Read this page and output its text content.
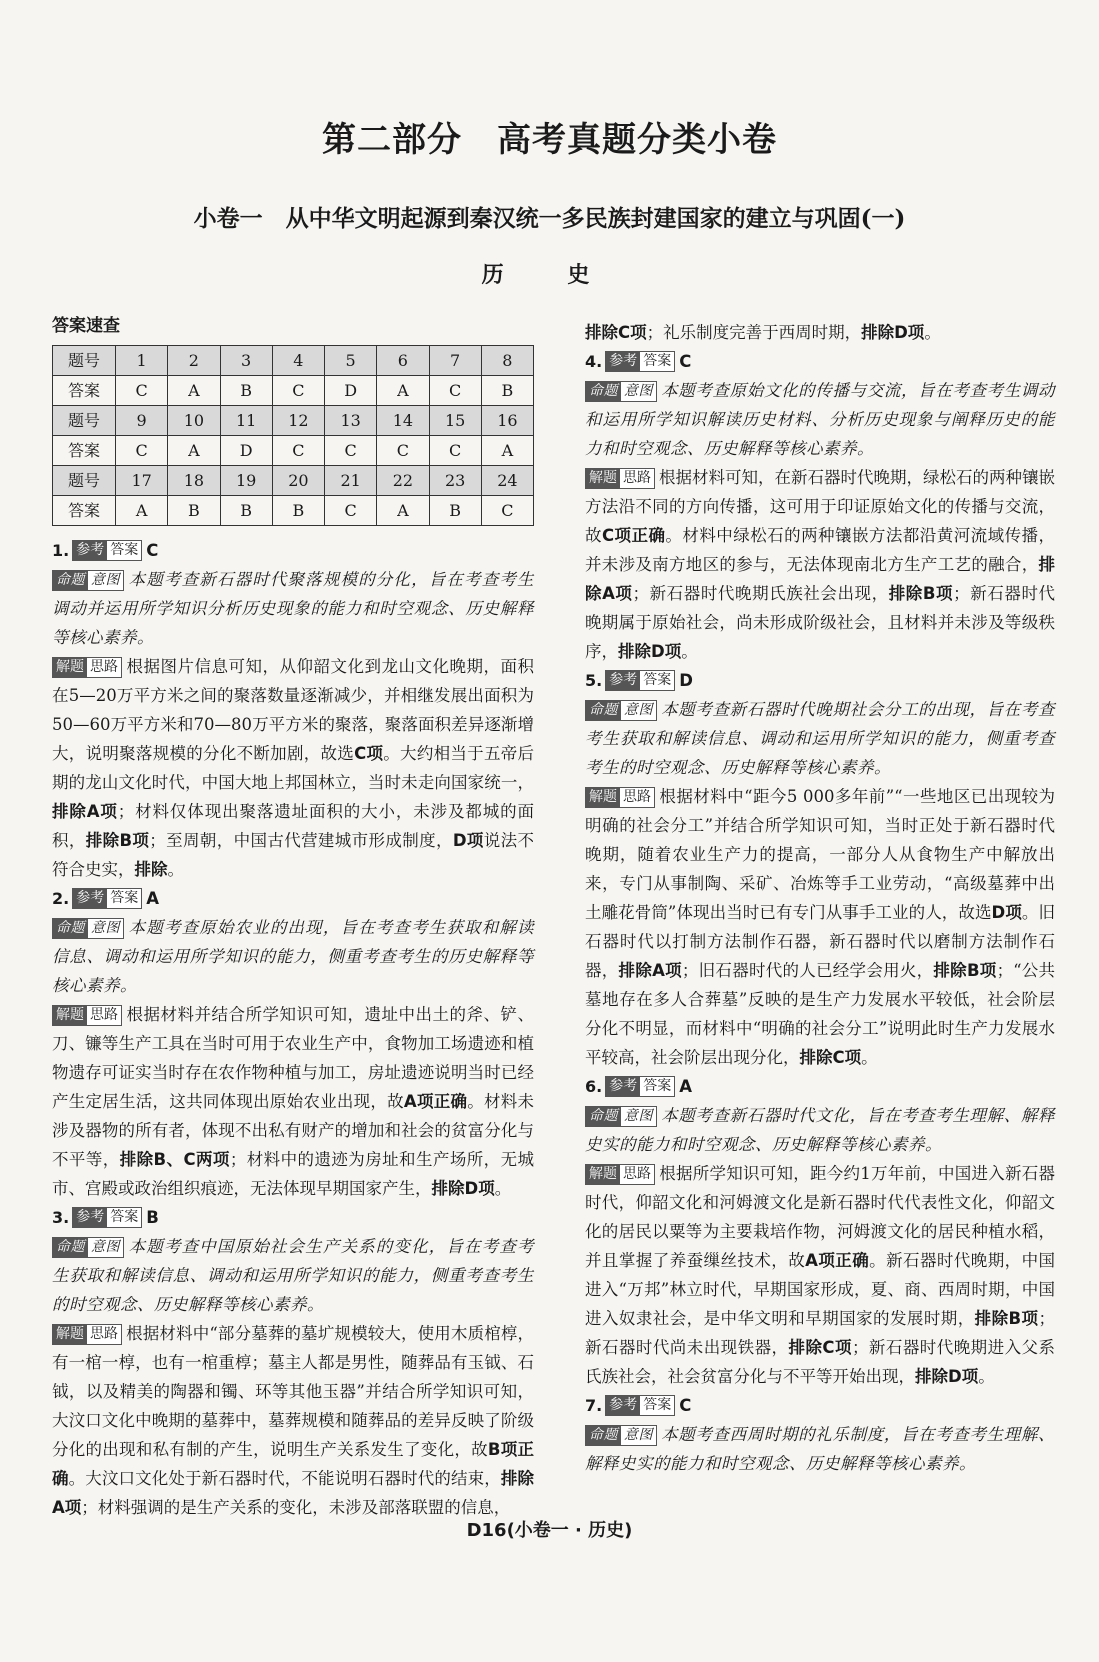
第二部分　高考真题分类小卷
小卷一　从中华文明起源到秦汉统一多民族封建国家的建立与巩固(一)
历 史
答案速查
题号	1	2	3	4	5	6	7	8
答案	C	A	B	C	D	A	C	B
题号	9	10	11	12	13	14	15	16
答案	C	A	D	C	C	C	C	A
题号	17	18	19	20	21	22	23	24
答案	A	B	B	B	C	A	B	C
1. 参考 答案 C

命题 意图 本题考查新石器时代聚落规模的分化，旨在考查考生调动并运用所学知识分析历史现象的能力和时空观念、历史解释等核心素养。

解题 思路 根据图片信息可知，从仰韶文化到龙山文化晚期，面积在5—20万平方米之间的聚落数量逐渐减少，并相继发展出面积为50—60万平方米和70—80万平方米的聚落，聚落面积差异逐渐增大，说明聚落规模的分化不断加剧，故选C项。大约相当于五帝后期的龙山文化时代，中国大地上邦国林立，当时未走向国家统一，排除A项；材料仅体现出聚落遗址面积的大小，未涉及都城的面积，排除B项；至周朝，中国古代营建城市形成制度，D项说法不符合史实，排除。

2. 参考 答案 A

命题 意图 本题考查原始农业的出现，旨在考查考生获取和解读信息、调动和运用所学知识的能力，侧重考查考生的历史解释等核心素养。

解题 思路 根据材料并结合所学知识可知，遗址中出土的斧、铲、刀、镰等生产工具在当时可用于农业生产中，食物加工场遗迹和植物遗存可证实当时存在农作物种植与加工，房址遗迹说明当时已经产生定居生活，这共同体现出原始农业出现，故A项正确。材料未涉及器物的所有者，体现不出私有财产的增加和社会的贫富分化与不平等，排除B、C两项；材料中的遗迹为房址和生产场所，无城市、宫殿或政治组织痕迹，无法体现早期国家产生，排除D项。

3. 参考 答案 B

命题 意图 本题考查中国原始社会生产关系的变化，旨在考查考生获取和解读信息、调动和运用所学知识的能力，侧重考查考生的时空观念、历史解释等核心素养。

解题 思路 根据材料中“部分墓葬的墓圹规模较大，使用木质棺椁，有一棺一椁，也有一棺重椁；墓主人都是男性，随葬品有玉钺、石钺，以及精美的陶器和镯、环等其他玉器”并结合所学知识可知，大汶口文化中晚期的墓葬中，墓葬规模和随葬品的差异反映了阶级分化的出现和私有制的产生，说明生产关系发生了变化，故B项正确。大汶口文化处于新石器时代，不能说明石器时代的结束，排除A项；材料强调的是生产关系的变化，未涉及部落联盟的信息，

排除C项；礼乐制度完善于西周时期，排除D项。

4. 参考 答案 C

命题 意图 本题考查原始文化的传播与交流，旨在考查考生调动和运用所学知识解读历史材料、分析历史现象与阐释历史的能力和时空观念、历史解释等核心素养。

解题 思路 根据材料可知，在新石器时代晚期，绿松石的两种镶嵌方法沿不同的方向传播，这可用于印证原始文化的传播与交流，故C项正确。材料中绿松石的两种镶嵌方法都沿黄河流域传播，并未涉及南方地区的参与，无法体现南北方生产工艺的融合，排除A项；新石器时代晚期氏族社会出现，排除B项；新石器时代晚期属于原始社会，尚未形成阶级社会，且材料并未涉及等级秩序，排除D项。

5. 参考 答案 D

命题 意图 本题考查新石器时代晚期社会分工的出现，旨在考查考生获取和解读信息、调动和运用所学知识的能力，侧重考查考生的时空观念、历史解释等核心素养。

解题 思路 根据材料中“距今5 000多年前”“一些地区已出现较为明确的社会分工”并结合所学知识可知，当时正处于新石器时代晚期，随着农业生产力的提高，一部分人从食物生产中解放出来，专门从事制陶、采矿、冶炼等手工业劳动，“高级墓葬中出土雕花骨筒”体现出当时已有专门从事手工业的人，故选D项。旧石器时代以打制方法制作石器，新石器时代以磨制方法制作石器，排除A项；旧石器时代的人已经学会用火，排除B项；“公共墓地存在多人合葬墓”反映的是生产力发展水平较低，社会阶层分化不明显，而材料中“明确的社会分工”说明此时生产力发展水平较高，社会阶层出现分化，排除C项。

6. 参考 答案 A

命题 意图 本题考查新石器时代文化，旨在考查考生理解、解释史实的能力和时空观念、历史解释等核心素养。

解题 思路 根据所学知识可知，距今约1万年前，中国进入新石器时代，仰韶文化和河姆渡文化是新石器时代代表性文化，仰韶文化的居民以粟等为主要栽培作物，河姆渡文化的居民种植水稻，并且掌握了养蚕缫丝技术，故A项正确。新石器时代晚期，中国进入“万邦”林立时代，早期国家形成，夏、商、西周时期，中国进入奴隶社会，是中华文明和早期国家的发展时期，排除B项；新石器时代尚未出现铁器，排除C项；新石器时代晚期进入父系氏族社会，社会贫富分化与不平等开始出现，排除D项。

7. 参考 答案 C

命题 意图 本题考查西周时期的礼乐制度，旨在考查考生理解、解释史实的能力和时空观念、历史解释等核心素养。

D16(小卷一 · 历史)
